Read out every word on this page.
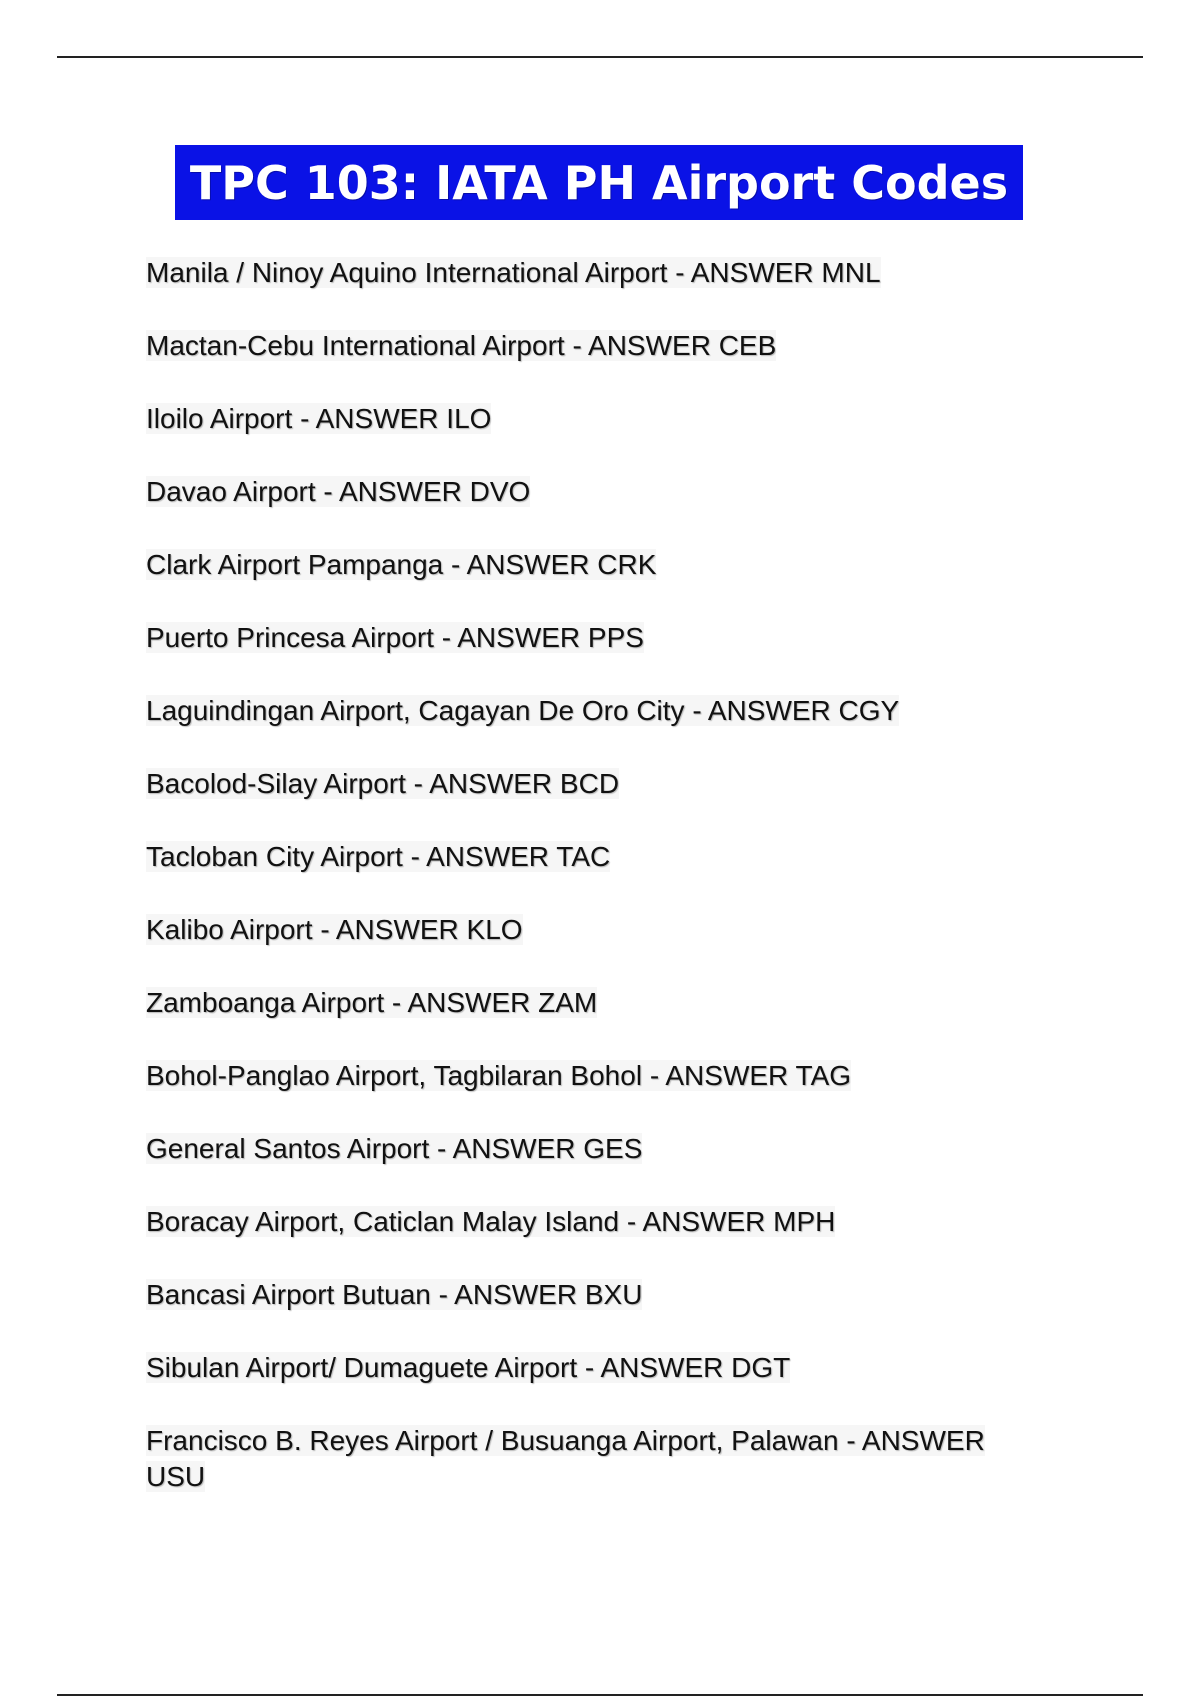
TPC 103: IATA PH Airport Codes
Manila / Ninoy Aquino International Airport - ANSWER MNL
Mactan-Cebu International Airport - ANSWER CEB
Iloilo Airport - ANSWER ILO
Davao Airport - ANSWER DVO
Clark Airport Pampanga - ANSWER CRK
Puerto Princesa Airport - ANSWER PPS
Laguindingan Airport, Cagayan De Oro City - ANSWER CGY
Bacolod-Silay Airport - ANSWER BCD
Tacloban City Airport - ANSWER TAC
Kalibo Airport - ANSWER KLO
Zamboanga Airport - ANSWER ZAM
Bohol-Panglao Airport, Tagbilaran Bohol - ANSWER TAG
General Santos Airport - ANSWER GES
Boracay Airport, Caticlan Malay Island - ANSWER MPH
Bancasi Airport Butuan - ANSWER BXU
Sibulan Airport/ Dumaguete Airport - ANSWER DGT
Francisco B. Reyes Airport / Busuanga Airport, Palawan - ANSWER USU
